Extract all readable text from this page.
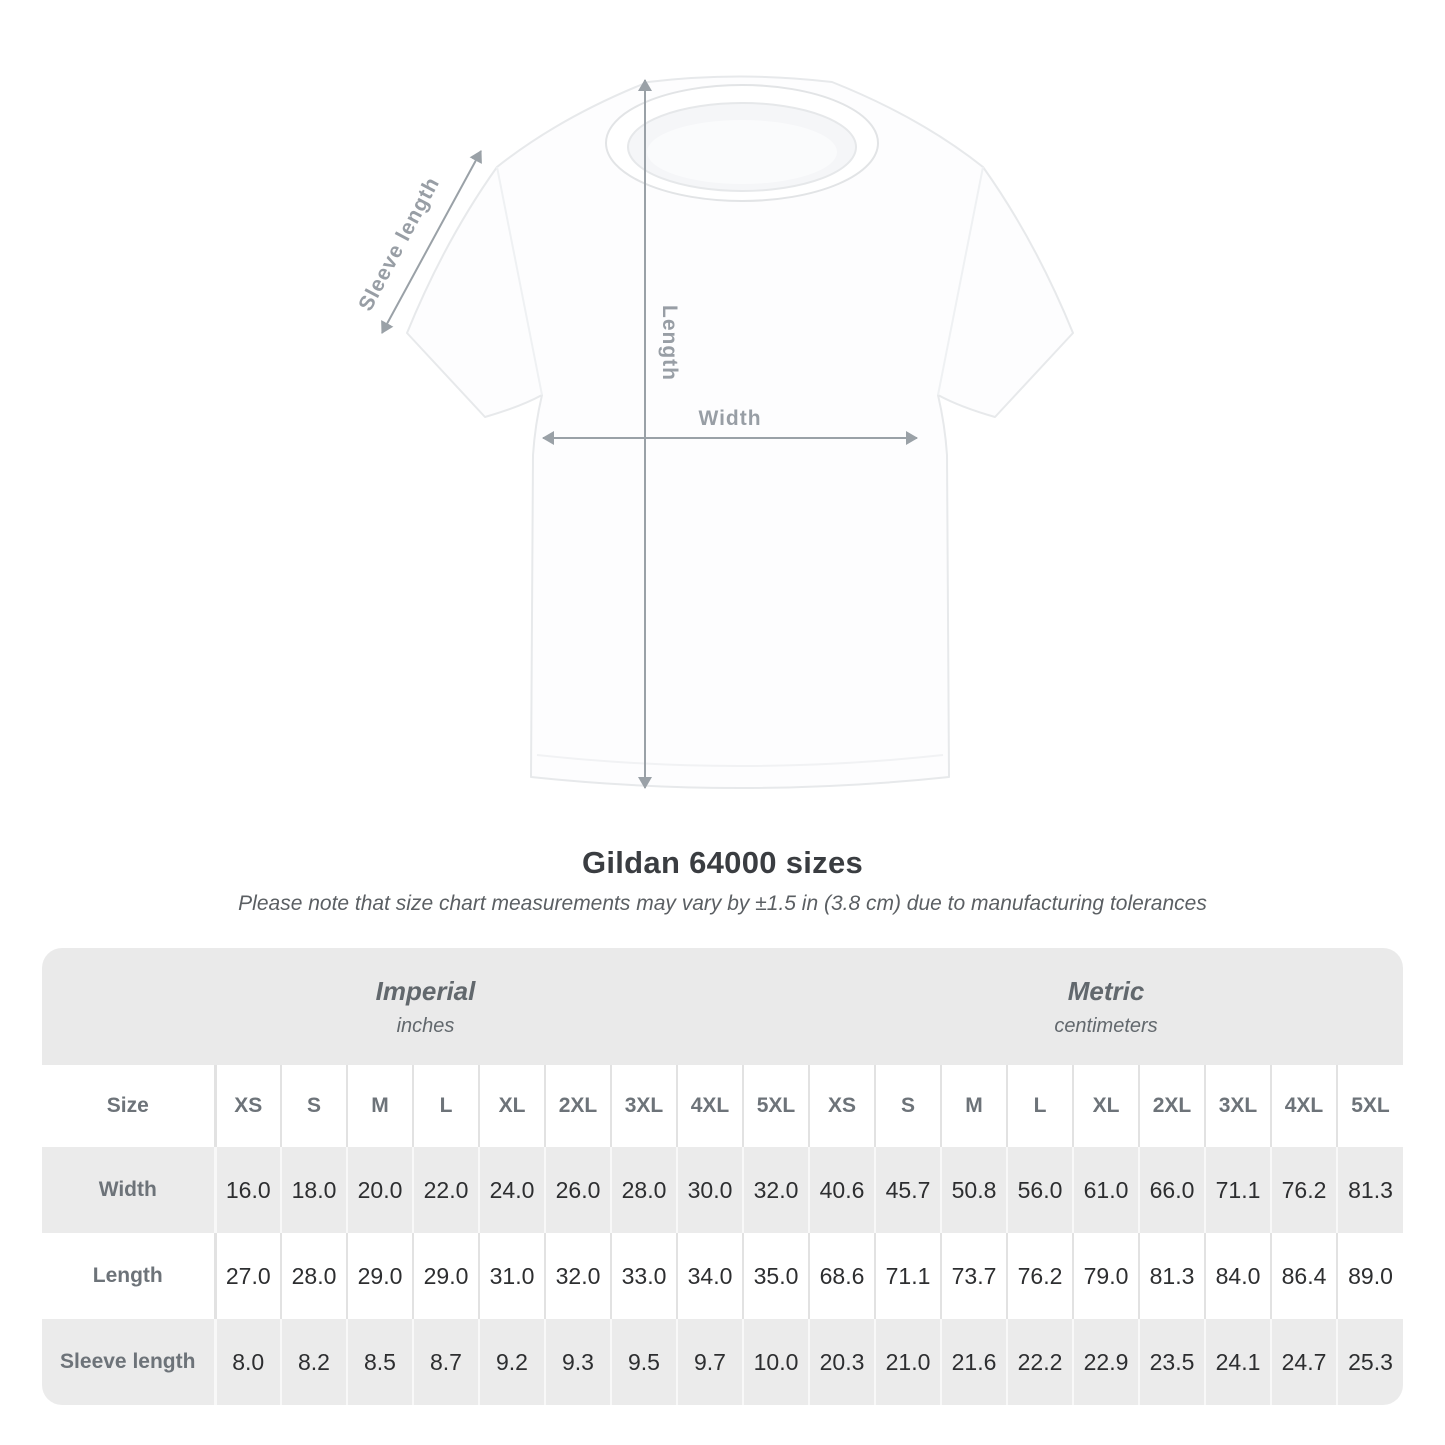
Sleeve length
Length
Width
Gildan 64000 sizes
Please note that size chart measurements may vary by ±1.5 in (3.8 cm) due to manufacturing tolerances
Imperial
inches

Metric
centimeters

Size	XS	S	M	L	XL	2XL	3XL	4XL	5XL	XS	S	M	L	XL	2XL	3XL	4XL	5XL
Width	16.0	18.0	20.0	22.0	24.0	26.0	28.0	30.0	32.0	40.6	45.7	50.8	56.0	61.0	66.0	71.1	76.2	81.3
Length	27.0	28.0	29.0	29.0	31.0	32.0	33.0	34.0	35.0	68.6	71.1	73.7	76.2	79.0	81.3	84.0	86.4	89.0
Sleeve length	8.0	8.2	8.5	8.7	9.2	9.3	9.5	9.7	10.0	20.3	21.0	21.6	22.2	22.9	23.5	24.1	24.7	25.3
